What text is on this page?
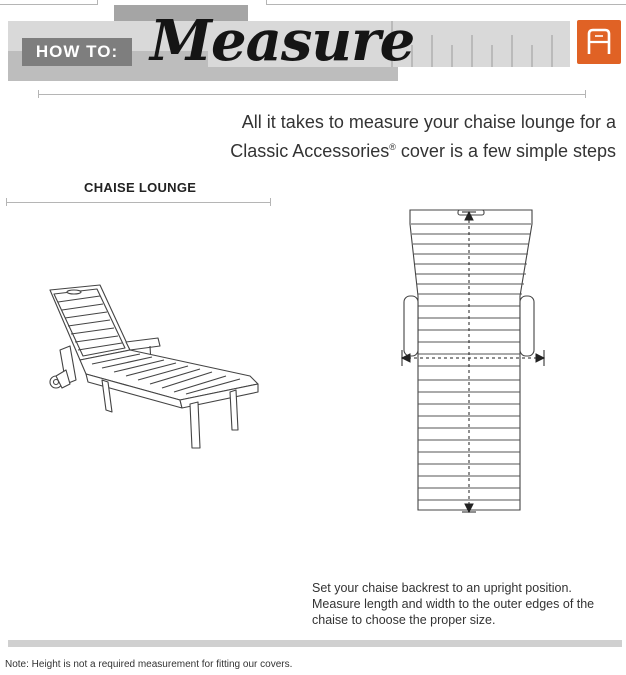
HOW TO: Measure
All it takes to measure your chaise lounge for a
Classic Accessories® cover is a few simple steps
CHAISE LOUNGE
Set your chaise backrest to an upright position.
Measure length and width to the outer edges of the
chaise to choose the proper size.
Note: Height is not a required measurement for fitting our covers.
